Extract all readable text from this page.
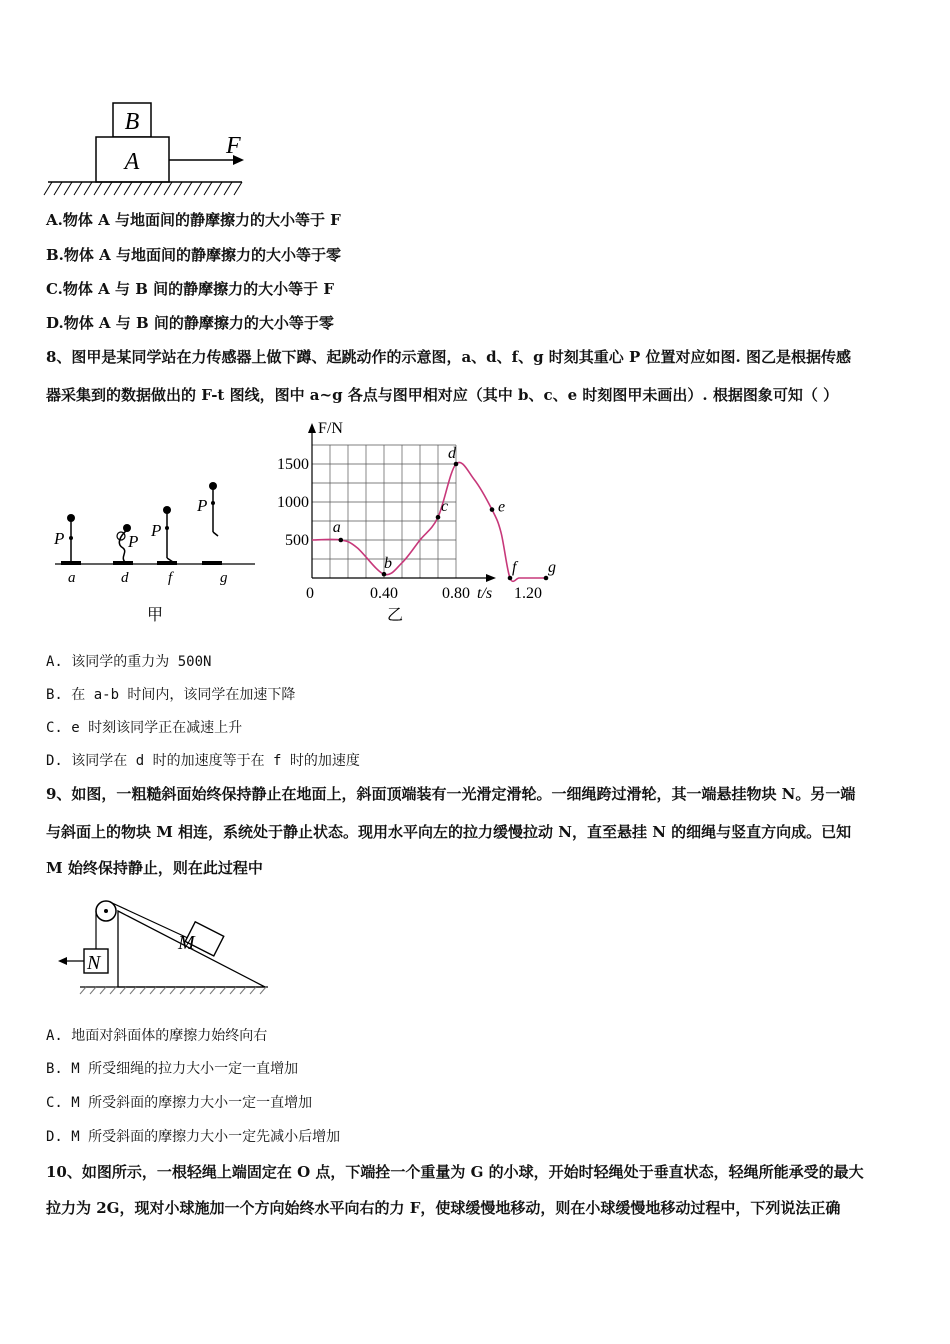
B
A
F
A.物体 A 与地面间的静摩擦力的大小等于 F
B.物体 A 与地面间的静摩擦力的大小等于零
C.物体 A 与 B 间的静摩擦力的大小等于 F
D.物体 A 与 B 间的静摩擦力的大小等于零
8、图甲是某同学站在力传感器上做下蹲、起跳动作的示意图，a、d、f、g 时刻其重心 P 位置对应如图. 图乙是根据传感
器采集到的数据做出的 F-t 图线，图中 a~g 各点与图甲相对应（其中 b、c、e 时刻图甲未画出）. 根据图象可知（ ）
P
a
P
d
P
f
P
g
甲
F/N
t/s
0	0.40	0.80	1.20
500
1000
1500
a
b
c
d
e
f g
乙
A. 该同学的重力为 500N
B. 在 a-b 时间内，该同学在加速下降
C. e 时刻该同学正在减速上升
D. 该同学在 d 时的加速度等于在 f 时的加速度
9、如图，一粗糙斜面始终保持静止在地面上，斜面顶端装有一光滑定滑轮。一细绳跨过滑轮，其一端悬挂物块 N。另一端
与斜面上的物块 M 相连，系统处于静止状态。现用水平向左的拉力缓慢拉动 N，直至悬挂 N 的细绳与竖直方向成。已知
M 始终保持静止，则在此过程中
M
N
A. 地面对斜面体的摩擦力始终向右
B. M 所受细绳的拉力大小一定一直增加
C. M 所受斜面的摩擦力大小一定一直增加
D. M 所受斜面的摩擦力大小一定先减小后增加
10、如图所示，一根轻绳上端固定在 O 点，下端拴一个重量为 G 的小球，开始时轻绳处于垂直状态，轻绳所能承受的最大
拉力为 2G，现对小球施加一个方向始终水平向右的力 F，使球缓慢地移动，则在小球缓慢地移动过程中，下列说法正确
